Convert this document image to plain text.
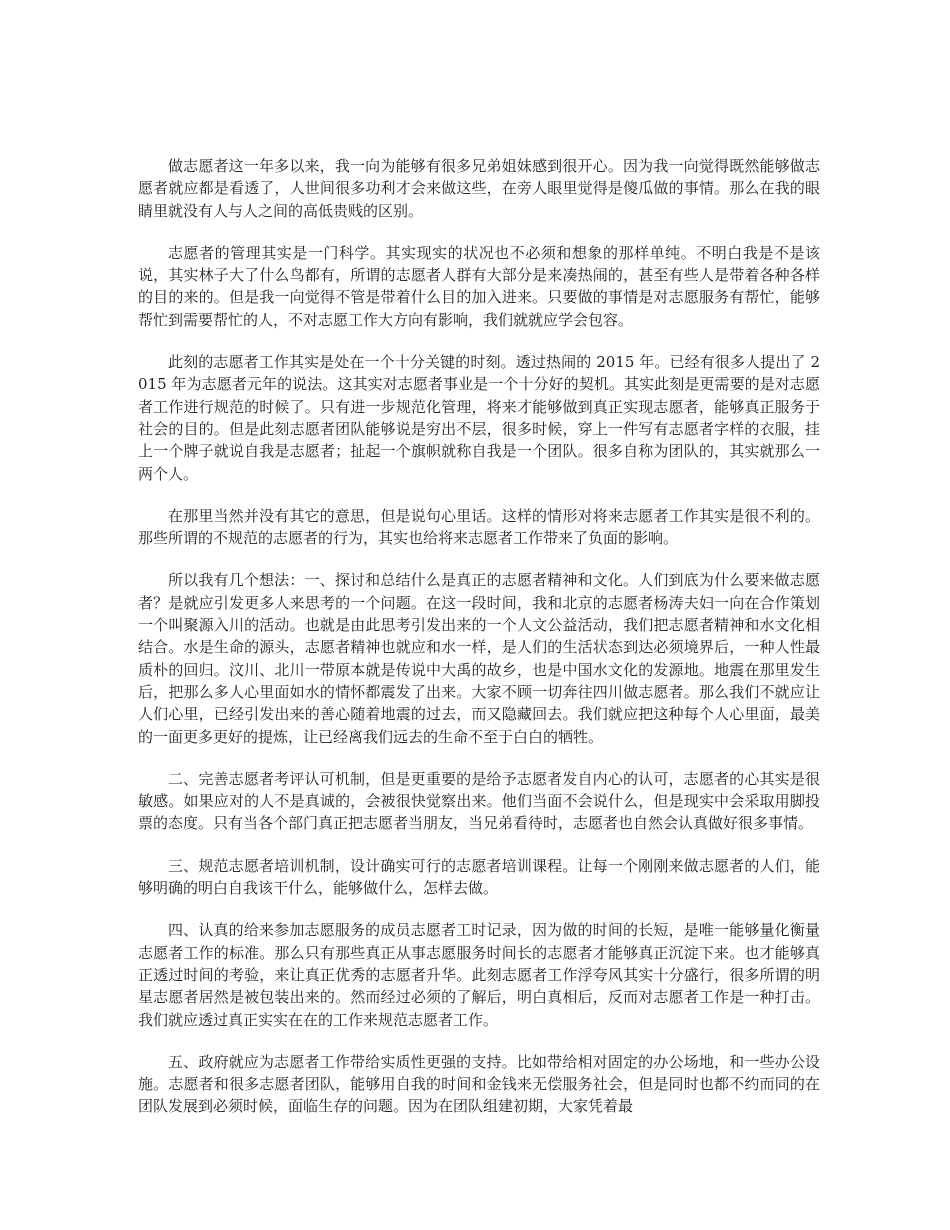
做志愿者这一年多以来，我一向为能够有很多兄弟姐妹感到很开心。因为我一向觉得既然能够做志愿者就应都是看透了，人世间很多功利才会来做这些，在旁人眼里觉得是傻瓜做的事情。那么在我的眼睛里就没有人与人之间的高低贵贱的区别。

志愿者的管理其实是一门科学。其实现实的状况也不必须和想象的那样单纯。不明白我是不是该说，其实林子大了什么鸟都有，所谓的志愿者人群有大部分是来凑热闹的，甚至有些人是带着各种各样的目的来的。但是我一向觉得不管是带着什么目的加入进来。只要做的事情是对志愿服务有帮忙，能够帮忙到需要帮忙的人，不对志愿工作大方向有影响，我们就就应学会包容。

此刻的志愿者工作其实是处在一个十分关键的时刻。透过热闹的 2015 年。已经有很多人提出了 2015 年为志愿者元年的说法。这其实对志愿者事业是一个十分好的契机。其实此刻是更需要的是对志愿者工作进行规范的时候了。只有进一步规范化管理，将来才能够做到真正实现志愿者，能够真正服务于社会的目的。但是此刻志愿者团队能够说是穷出不层，很多时候，穿上一件写有志愿者字样的衣服，挂上一个牌子就说自我是志愿者；扯起一个旗帜就称自我是一个团队。很多自称为团队的，其实就那么一两个人。

在那里当然并没有其它的意思，但是说句心里话。这样的情形对将来志愿者工作其实是很不利的。那些所谓的不规范的志愿者的行为，其实也给将来志愿者工作带来了负面的影响。

所以我有几个想法：一、探讨和总结什么是真正的志愿者精神和文化。人们到底为什么要来做志愿者？是就应引发更多人来思考的一个问题。在这一段时间，我和北京的志愿者杨涛夫妇一向在合作策划一个叫聚源入川的活动。也就是由此思考引发出来的一个人文公益活动，我们把志愿者精神和水文化相结合。水是生命的源头，志愿者精神也就应和水一样，是人们的生活状态到达必须境界后，一种人性最质朴的回归。汶川、北川一带原本就是传说中大禹的故乡，也是中国水文化的发源地。地震在那里发生后，把那么多人心里面如水的情怀都震发了出来。大家不顾一切奔往四川做志愿者。那么我们不就应让人们心里，已经引发出来的善心随着地震的过去，而又隐藏回去。我们就应把这种每个人心里面，最美的一面更多更好的提炼，让已经离我们远去的生命不至于白白的牺牲。

二、完善志愿者考评认可机制，但是更重要的是给予志愿者发自内心的认可，志愿者的心其实是很敏感。如果应对的人不是真诚的，会被很快觉察出来。他们当面不会说什么，但是现实中会采取用脚投票的态度。只有当各个部门真正把志愿者当朋友，当兄弟看待时，志愿者也自然会认真做好很多事情。

三、规范志愿者培训机制，设计确实可行的志愿者培训课程。让每一个刚刚来做志愿者的人们，能够明确的明白自我该干什么，能够做什么，怎样去做。

四、认真的给来参加志愿服务的成员志愿者工时记录，因为做的时间的长短，是唯一能够量化衡量志愿者工作的标准。那么只有那些真正从事志愿服务时间长的志愿者才能够真正沉淀下来。也才能够真正透过时间的考验，来让真正优秀的志愿者升华。此刻志愿者工作浮夸风其实十分盛行，很多所谓的明星志愿者居然是被包装出来的。然而经过必须的了解后，明白真相后，反而对志愿者工作是一种打击。我们就应透过真正实实在在的工作来规范志愿者工作。

五、政府就应为志愿者工作带给实质性更强的支持。比如带给相对固定的办公场地，和一些办公设施。志愿者和很多志愿者团队，能够用自我的时间和金钱来无偿服务社会，但是同时也都不约而同的在团队发展到必须时候，面临生存的问题。因为在团队组建初期，大家凭着最
